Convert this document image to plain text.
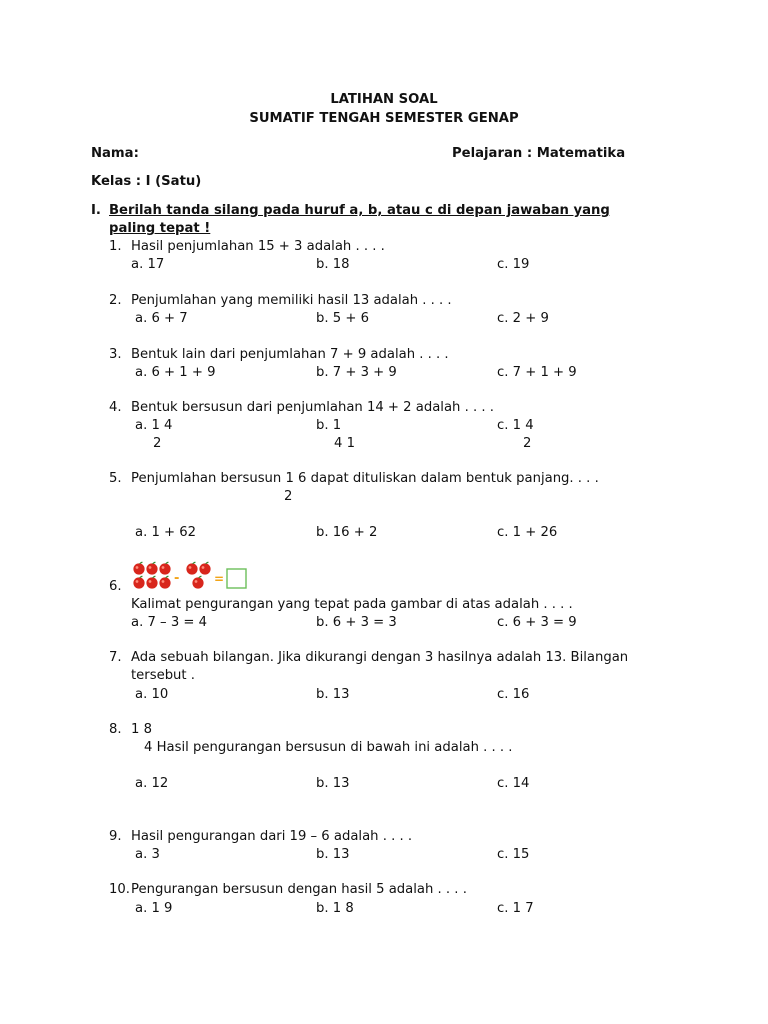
LATIHAN SOAL
SUMATIF TENGAH SEMESTER GENAP
Nama:	Pelajaran : Matematika
Kelas : I (Satu)
I. Berilah tanda silang pada huruf a, b, atau c di depan jawaban yang
paling tepat !
1. Hasil penjumlahan 15 + 3 adalah . . . .
a. 17	b. 18	c. 19
2. Penjumlahan yang memiliki hasil 13 adalah . . . .
a. 6 + 7	b. 5 + 6	c. 2 + 9
3. Bentuk lain dari penjumlahan 7 + 9 adalah . . . .
a. 6 + 1 + 9	b. 7 + 3 + 9	c. 7 + 1 + 9
4. Bentuk bersusun dari penjumlahan 14 + 2 adalah . . . .
a. 1 4
2
b. 1
4 1
c. 1 4
2
5. Penjumlahan bersusun 1 6 dapat dituliskan dalam bentuk panjang. . . .
2
a. 1 + 62	b. 16 + 2	c. 1 + 26
-	=
6.
Kalimat pengurangan yang tepat pada gambar di atas adalah . . . .
a. 7 – 3 = 4	b. 6 + 3 = 3	c. 6 + 3 = 9
7. Ada sebuah bilangan. Jika dikurangi dengan 3 hasilnya adalah 13. Bilangan
tersebut .
a. 10	b. 13	c. 16
8. 1 8
4 Hasil pengurangan bersusun di bawah ini adalah . . . .
a. 12	b. 13	c. 14
9. Hasil pengurangan dari 19 – 6 adalah . . . .
a. 3	b. 13	c. 15
10. Pengurangan bersusun dengan hasil 5 adalah . . . .
a. 1 9	b. 1 8	c. 1 7
